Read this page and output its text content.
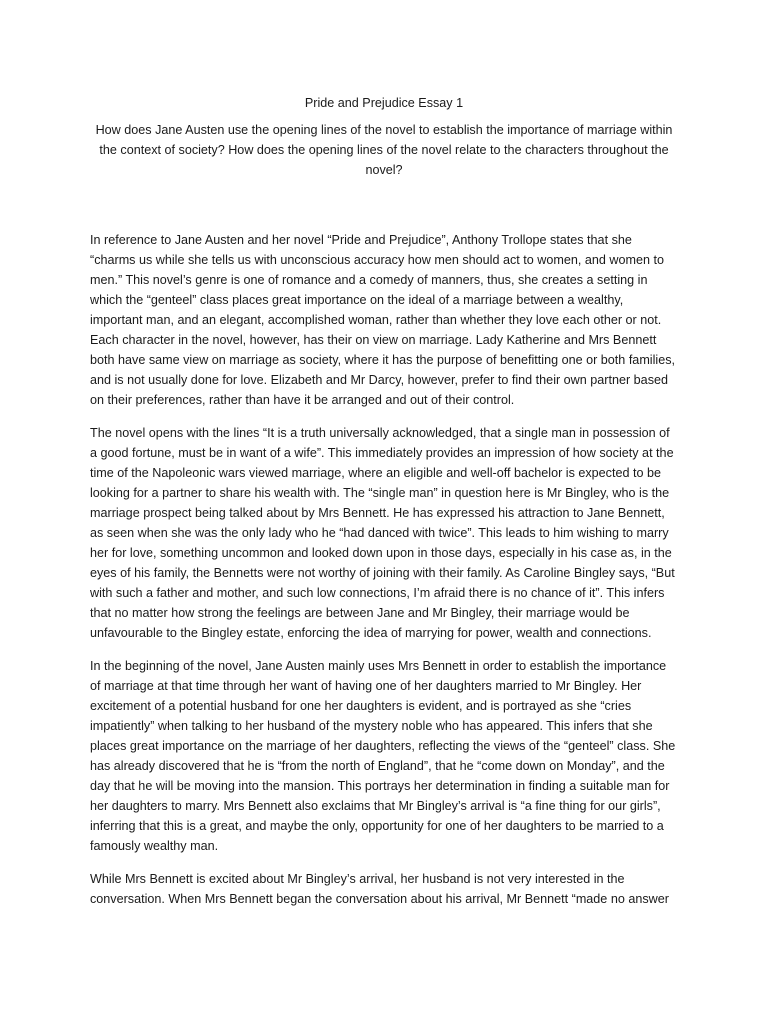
Pride and Prejudice Essay 1
How does Jane Austen use the opening lines of the novel to establish the importance of marriage within the context of society? How does the opening lines of the novel relate to the characters throughout the novel?

In reference to Jane Austen and her novel “Pride and Prejudice”, Anthony Trollope states that she “charms us while she tells us with unconscious accuracy how men should act to women, and women to men.” This novel’s genre is one of romance and a comedy of manners, thus, she creates a setting in which the “genteel” class places great importance on the ideal of a marriage between a wealthy, important man, and an elegant, accomplished woman, rather than whether they love each other or not. Each character in the novel, however, has their on view on marriage. Lady Katherine and Mrs Bennett both have same view on marriage as society, where it has the purpose of benefitting one or both families, and is not usually done for love. Elizabeth and Mr Darcy, however, prefer to find their own partner based on their preferences, rather than have it be arranged and out of their control.

The novel opens with the lines “It is a truth universally acknowledged, that a single man in possession of a good fortune, must be in want of a wife”. This immediately provides an impression of how society at the time of the Napoleonic wars viewed marriage, where an eligible and well-off bachelor is expected to be looking for a partner to share his wealth with. The “single man” in question here is Mr Bingley, who is the marriage prospect being talked about by Mrs Bennett. He has expressed his attraction to Jane Bennett, as seen when she was the only lady who he “had danced with twice”. This leads to him wishing to marry her for love, something uncommon and looked down upon in those days, especially in his case as, in the eyes of his family, the Bennetts were not worthy of joining with their family. As Caroline Bingley says, “But with such a father and mother, and such low connections, I’m afraid there is no chance of it”. This infers that no matter how strong the feelings are between Jane and Mr Bingley, their marriage would be unfavourable to the Bingley estate, enforcing the idea of marrying for power, wealth and connections.

In the beginning of the novel, Jane Austen mainly uses Mrs Bennett in order to establish the importance of marriage at that time through her want of having one of her daughters married to Mr Bingley. Her excitement of a potential husband for one her daughters is evident, and is portrayed as she “cries impatiently” when talking to her husband of the mystery noble who has appeared. This infers that she places great importance on the marriage of her daughters, reflecting the views of the “genteel” class. She has already discovered that he is “from the north of England”, that he “come down on Monday”, and the day that he will be moving into the mansion. This portrays her determination in finding a suitable man for her daughters to marry. Mrs Bennett also exclaims that Mr Bingley’s arrival is “a fine thing for our girls”, inferring that this is a great, and maybe the only, opportunity for one of her daughters to be married to a famously wealthy man.

While Mrs Bennett is excited about Mr Bingley’s arrival, her husband is not very interested in the conversation. When Mrs Bennett began the conversation about his arrival, Mr Bennett “made no answer
